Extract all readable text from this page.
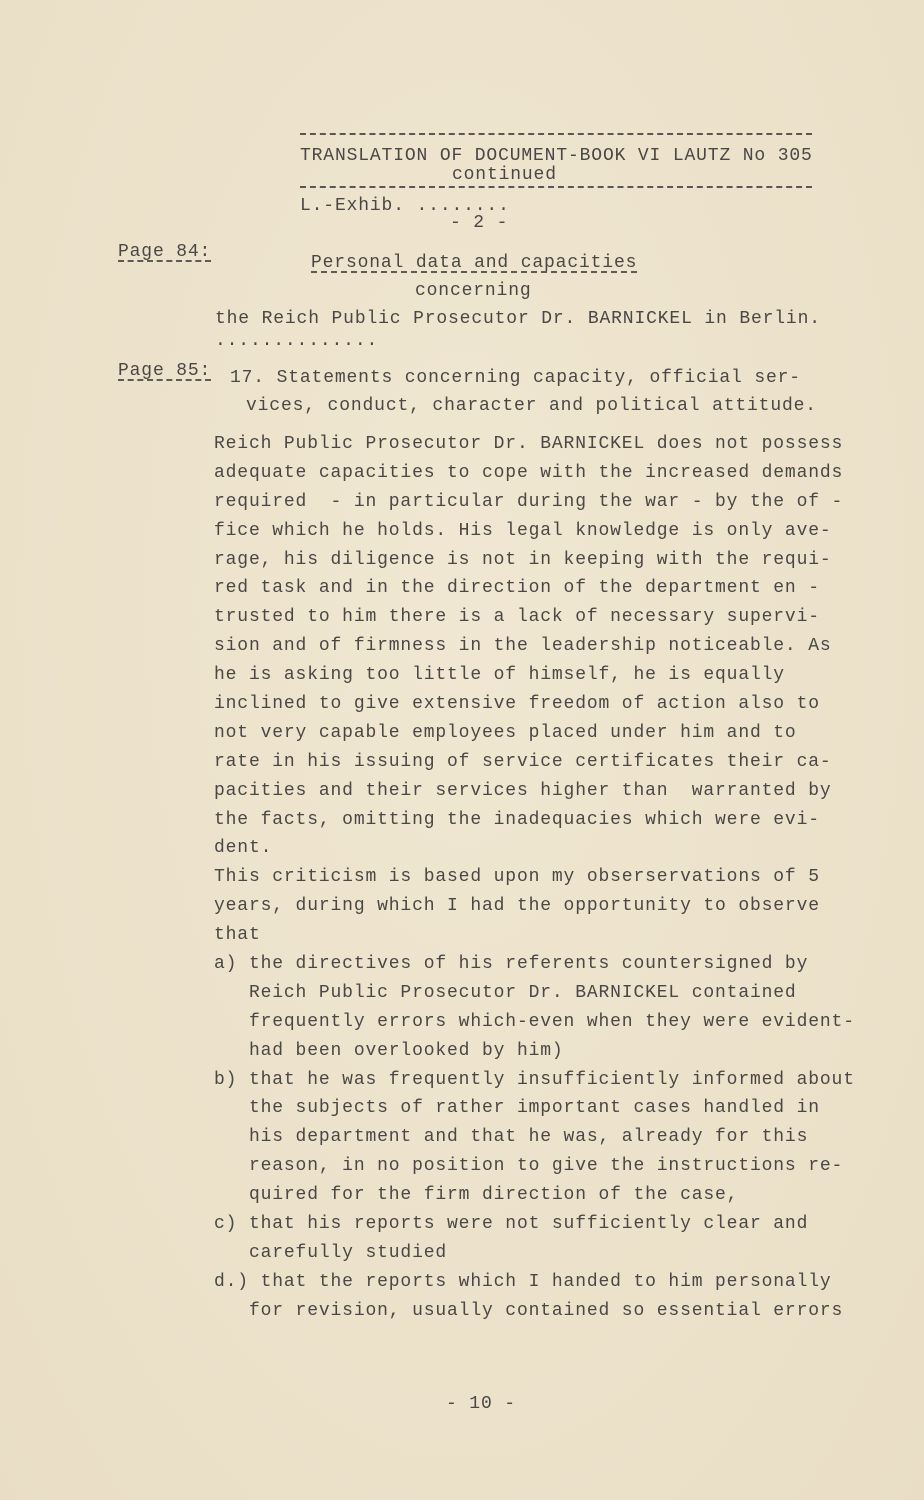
TRANSLATION OF DOCUMENT-BOOK VI LAUTZ No 305
continued
L.-Exhib. ........
- 2 -
Page 84:
Personal data and capacities
concerning
the Reich Public Prosecutor Dr. BARNICKEL in Berlin.
..............
Page 85: 17. Statements concerning capacity, official ser-
vices, conduct, character and political attitude.
Reich Public Prosecutor Dr. BARNICKEL does not possess
adequate capacities to cope with the increased demands
required  - in particular during the war - by the of -
fice which he holds. His legal knowledge is only ave-
rage, his diligence is not in keeping with the requi-
red task and in the direction of the department en -
trusted to him there is a lack of necessary supervi-
sion and of firmness in the leadership noticeable. As
he is asking too little of himself, he is equally
inclined to give extensive freedom of action also to
not very capable employees placed under him and to
rate in his issuing of service certificates their ca-
pacities and their services higher than  warranted by
the facts, omitting the inadequacies which were evi-
dent.
This criticism is based upon my obserservations of 5
years, during which I had the opportunity to observe
that
a) the directives of his referents countersigned by
Reich Public Prosecutor Dr. BARNICKEL contained
frequently errors which-even when they were evident-
had been overlooked by him)
b) that he was frequently insufficiently informed about
the subjects of rather important cases handled in
his department and that he was, already for this
reason, in no position to give the instructions re-
quired for the firm direction of the case,
c) that his reports were not sufficiently clear and
carefully studied
d.) that the reports which I handed to him personally
for revision, usually contained so essential errors
- 10 -
